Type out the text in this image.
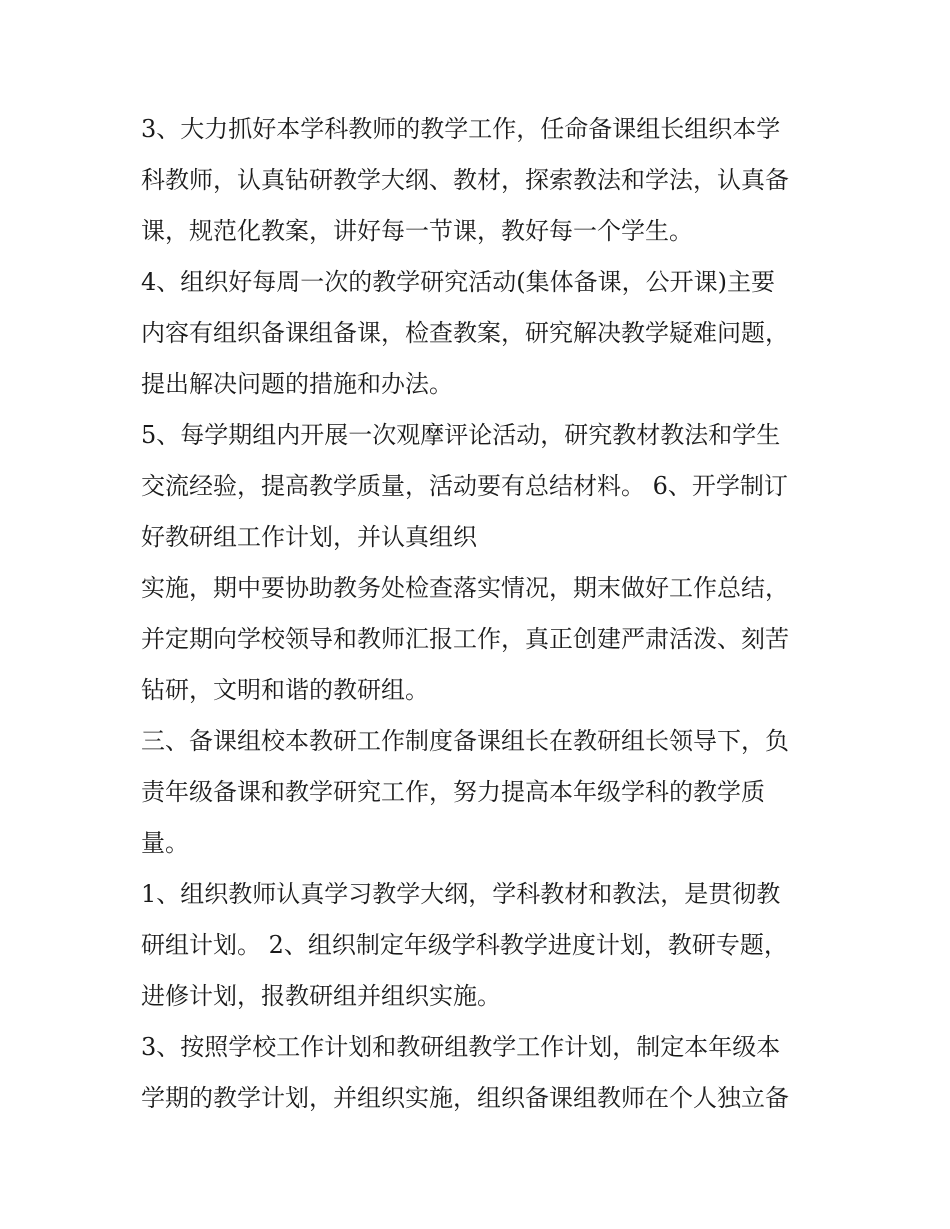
3、大力抓好本学科教师的教学工作，任命备课组长组织本学
科教师，认真钻研教学大纲、教材，探索教法和学法，认真备
课，规范化教案，讲好每一节课，教好每一个学生。
4、组织好每周一次的教学研究活动(集体备课，公开课)主要
内容有组织备课组备课，检查教案，研究解决教学疑难问题，
提出解决问题的措施和办法。
5、每学期组内开展一次观摩评论活动，研究教材教法和学生
交流经验，提高教学质量，活动要有总结材料。 6、开学制订
好教研组工作计划，并认真组织
实施，期中要协助教务处检查落实情况，期末做好工作总结，
并定期向学校领导和教师汇报工作，真正创建严肃活泼、刻苦
钻研，文明和谐的教研组。
三、备课组校本教研工作制度备课组长在教研组长领导下，负
责年级备课和教学研究工作，努力提高本年级学科的教学质
量。
1、组织教师认真学习教学大纲，学科教材和教法，是贯彻教
研组计划。 2、组织制定年级学科教学进度计划，教研专题，
进修计划，报教研组并组织实施。
3、按照学校工作计划和教研组教学工作计划，制定本年级本
学期的教学计划，并组织实施，组织备课组教师在个人独立备
